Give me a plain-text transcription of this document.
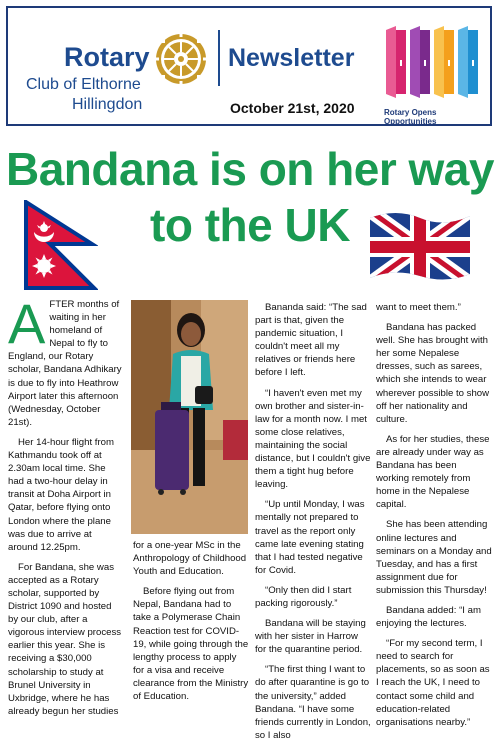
Rotary
Club of Elthorne
Hillingdon
Newsletter
October 21st, 2020	Rotary Opens Opportunities
Bandana is on her way
to the UK

AFTER months of waiting in her homeland of Nepal to fly to England, our Rotary scholar, Bandana Adhikary is due to fly into Heathrow Airport later this afternoon (Wednesday, October 21st).

Her 14-hour flight from Kathmandu took off at 2.30am local time. She had a two-hour delay in transit at Doha Airport in Qatar, before flying onto London where the plane was due to arrive at around 12.25pm.

For Bandana, she was accepted as a Rotary scholar, supported by District 1090 and hosted by our club, after a vigorous interview process earlier this year. She is receiving a $30,000 scholarship to study at Brunel University in Uxbridge, where he has already begun her studies

for a one-year MSc in the Anthropology of Childhood Youth and Education.

Before flying out from Nepal, Bandana had to take a Polymerase Chain Reaction test for COVID-19, while going through the lengthy process to apply for a visa and receive clearance from the Ministry of Education.

Bananda said: “The sad part is that, given the pandemic situation, I couldn't meet all my relatives or friends here before I left.

“I haven't even met my own brother and sister-in-law for a month now. I met some close relatives, maintaining the social distance, but I couldn't give them a tight hug before leaving.

“Up until Monday, I was mentally not prepared to travel as the report only came late evening stating that I had tested negative for Covid.

“Only then did I start packing rigorously.”

Bandana will be staying with her sister in Harrow for the quarantine period.

“The first thing I want to do after quarantine is go to the university,” added Bandana. “I have some friends currently in London, so I also

want to meet them.”

Bandana has packed well. She has brought with her some Nepalese dresses, such as sarees, which she intends to wear wherever possible to show off her nationality and culture.

As for her studies, these are already under way as Bandana has been working remotely from home in the Nepalese capital.

She has been attending online lectures and seminars on a Monday and Tuesday, and has a first assignment due for submission this Thursday!

Bandana added: “I am enjoying the lectures.

“For my second term, I need to search for placements, so as soon as I reach the UK, I need to contact some child and education-related organisations nearby.”
